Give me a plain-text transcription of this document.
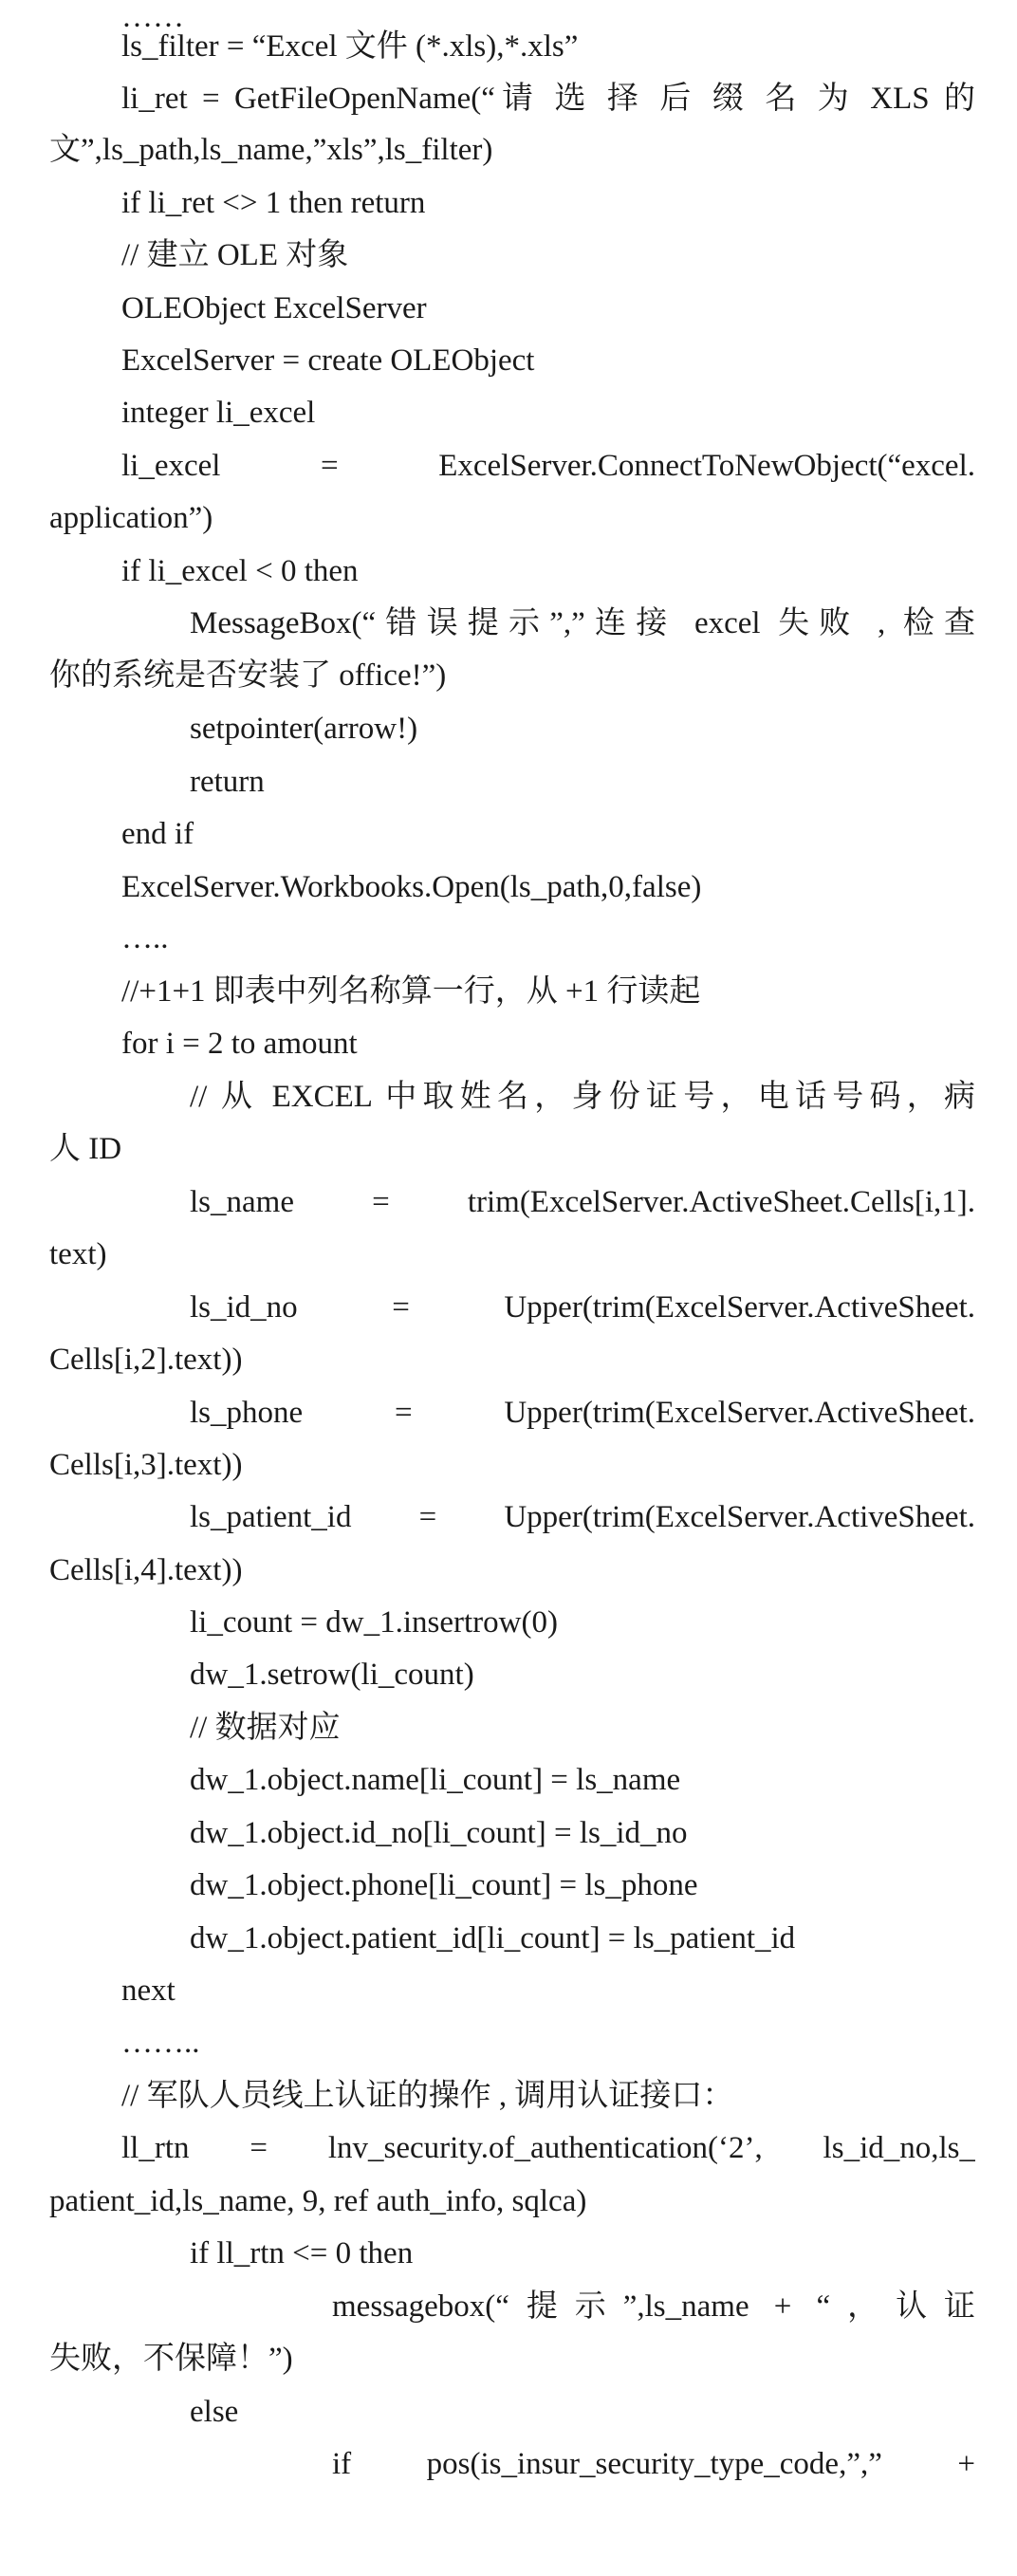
……
ls_filter = “Excel 文件 (*.xls),*.xls”
li_ret = GetFileOpenName(“请 选 择 后 缀 名 为 XLS 的
文”,ls_path,ls_name,”xls”,ls_filter)
if li_ret <> 1 then return
// 建立 OLE 对象
OLEObject ExcelServer
ExcelServer = create OLEObject
integer li_excel
li_excel = ExcelServer.ConnectToNewObject(“excel.
application”)
if li_excel < 0 then
MessageBox(“错误提示”,”连接 excel 失败 , 检查
你的系统是否安装了 office!”)
setpointer(arrow!)
return
end if
ExcelServer.Workbooks.Open(ls_path,0,false)
…..
//+1+1 即表中列名称算一行，从 +1 行读起
for i = 2 to amount
// 从 EXCEL 中取姓名，身份证号，电话号码，病
人 ID
ls_name = trim(ExcelServer.ActiveSheet.Cells[i,1].
text)
ls_id_no = Upper(trim(ExcelServer.ActiveSheet.
Cells[i,2].text))
ls_phone = Upper(trim(ExcelServer.ActiveSheet.
Cells[i,3].text))
ls_patient_id = Upper(trim(ExcelServer.ActiveSheet.
Cells[i,4].text))
li_count = dw_1.insertrow(0)
dw_1.setrow(li_count)
// 数据对应
dw_1.object.name[li_count] = ls_name
dw_1.object.id_no[li_count] = ls_id_no
dw_1.object.phone[li_count] = ls_phone
dw_1.object.patient_id[li_count] = ls_patient_id
next
……..
// 军队人员线上认证的操作 , 调用认证接口：
ll_rtn = lnv_security.of_authentication(‘2’, ls_id_no,ls_
patient_id,ls_name, 9, ref auth_info, sqlca)
if ll_rtn <= 0 then
messagebox(“提示”,ls_name + “，认证
失败，不保障！”)
else
if pos(is_insur_security_type_code,”,” +
